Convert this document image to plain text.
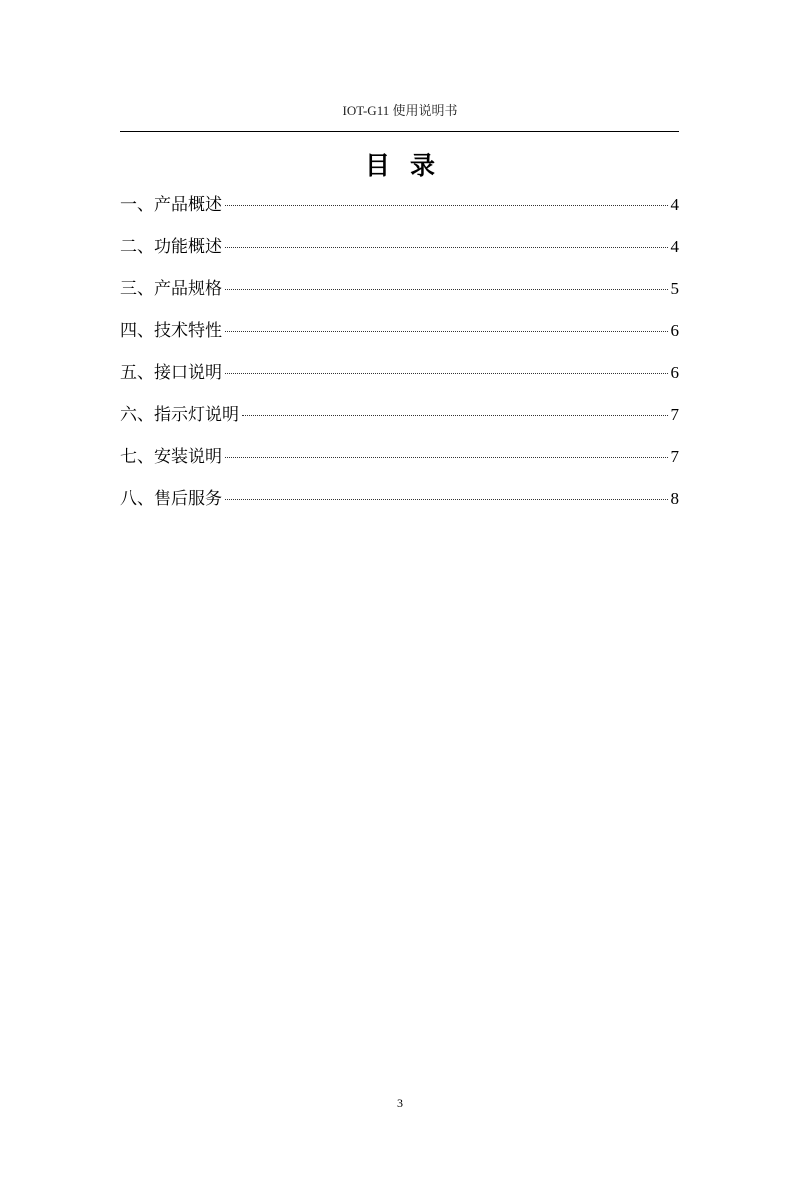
IOT-G11 使用说明书
目录
一、产品概述	4
二、功能概述	4
三、产品规格	5
四、技术特性	6
五、接口说明	6
六、指示灯说明	7
七、安装说明	7
八、售后服务	8
3
